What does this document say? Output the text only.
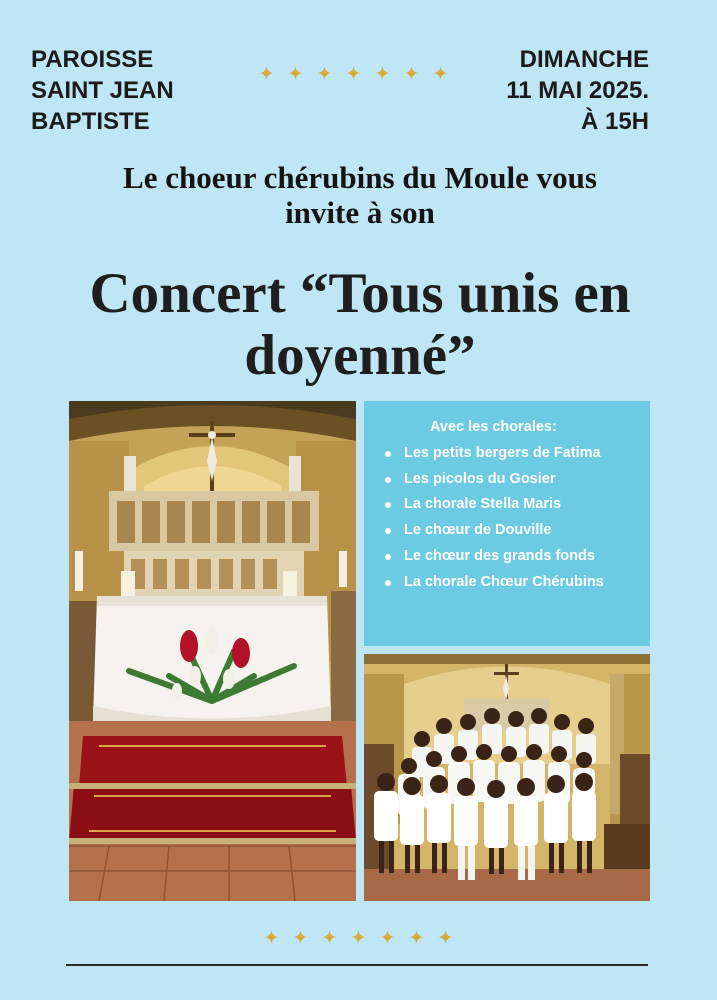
PAROISSE
SAINT JEAN
BAPTISTE
✦ ✦ ✦ ✦ ✦ ✦ ✦
DIMANCHE
11 MAI 2025.
À 15H
Le choeur chérubins du Moule vous
invite à son
Concert “Tous unis en
doyenné”

Avec les chorales:

Les petits bergers de Fatima
Les picolos du Gosier
La chorale Stella Maris
Le chœur de Douville
Le chœur des grands fonds
La chorale Chœur Chérubins
✦ ✦ ✦ ✦ ✦ ✦ ✦
